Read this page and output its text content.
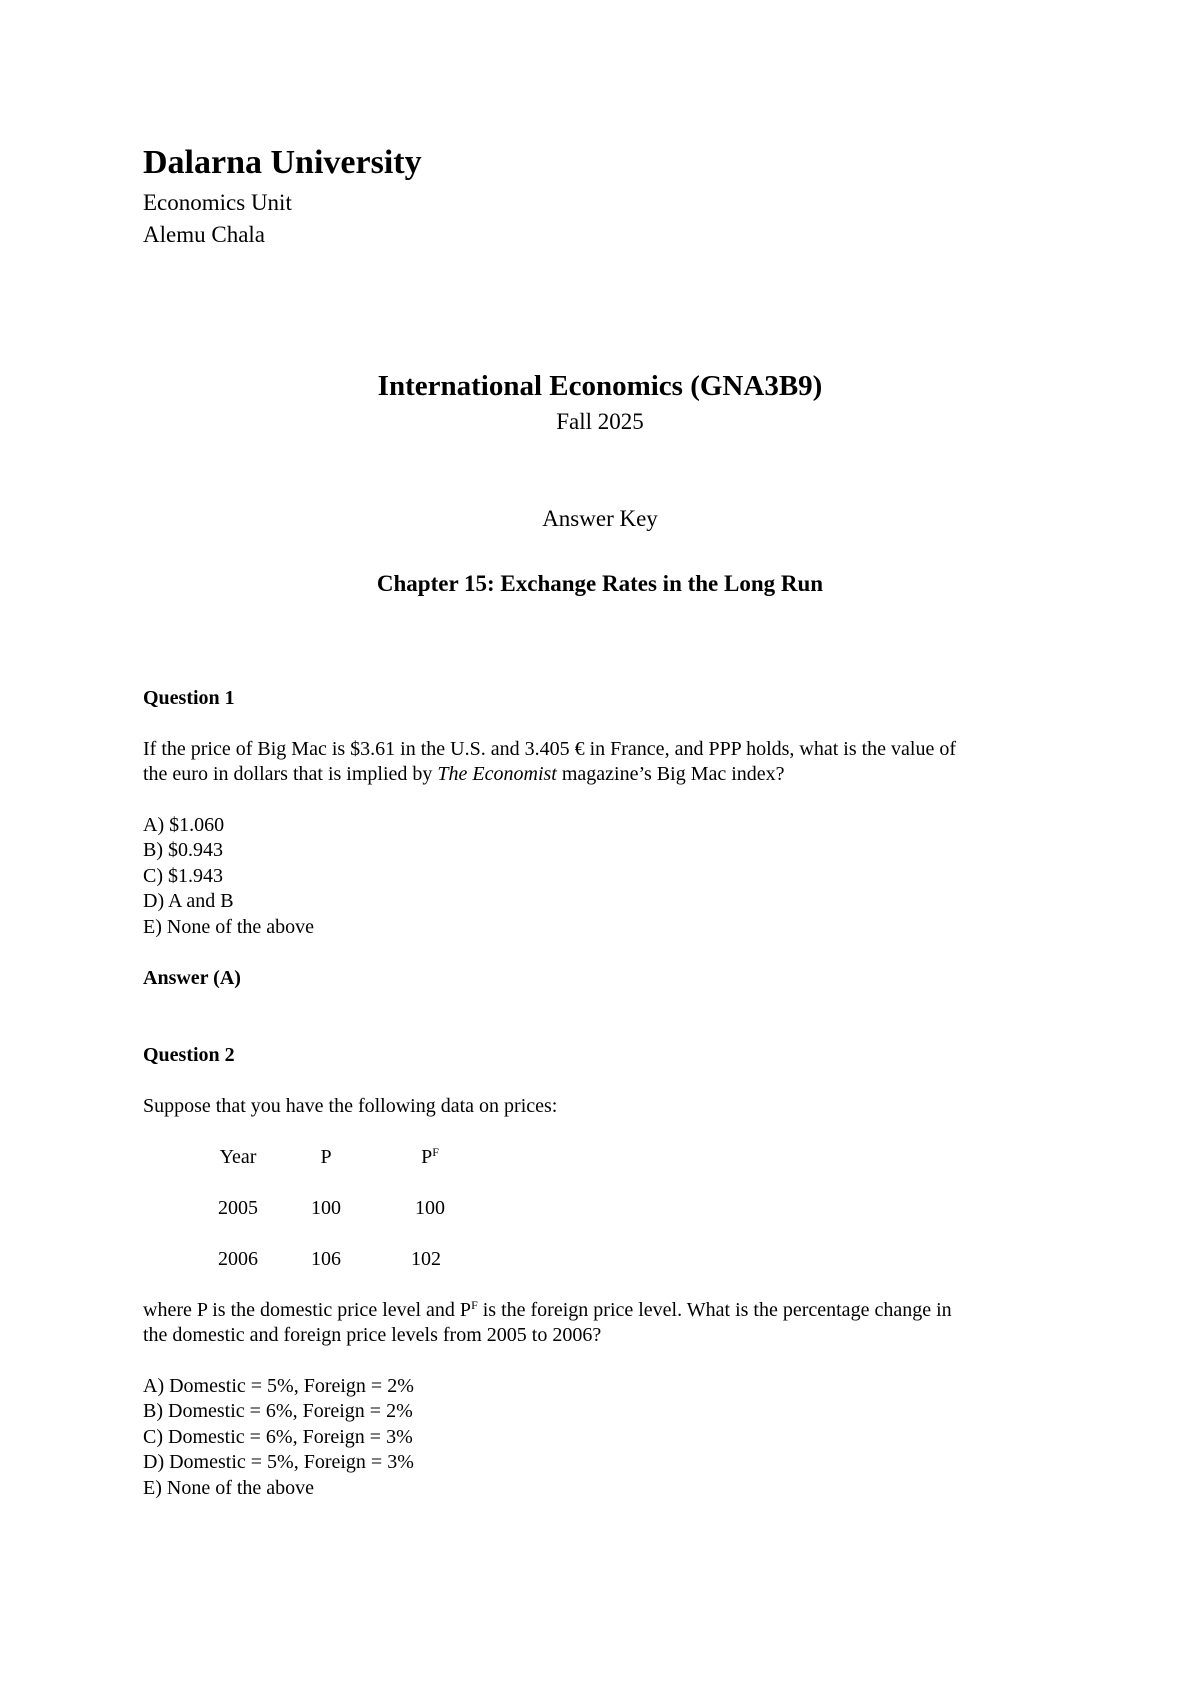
Dalarna University
Economics Unit
Alemu Chala
International Economics (GNA3B9)
Fall 2025
Answer Key
Chapter 15: Exchange Rates in the Long Run
Question 1
If the price of Big Mac is $3.61 in the U.S. and 3.405 € in France, and PPP holds, what is the value of
the euro in dollars that is implied by The Economist magazine’s Big Mac index?
A) $1.060
B) $0.943
C) $1.943
D) A and B
E) None of the above
Answer (A)
Question 2
Suppose that you have the following data on prices:
Year	P	$P^F$
2005	100	100
2006	106	102
where P is the domestic price level and $P^F$ is the foreign price level. What is the percentage change in
the domestic and foreign price levels from 2005 to 2006?
A) Domestic = 5%, Foreign = 2%
B) Domestic = 6%, Foreign = 2%
C) Domestic = 6%, Foreign = 3%
D) Domestic = 5%, Foreign = 3%
E) None of the above
